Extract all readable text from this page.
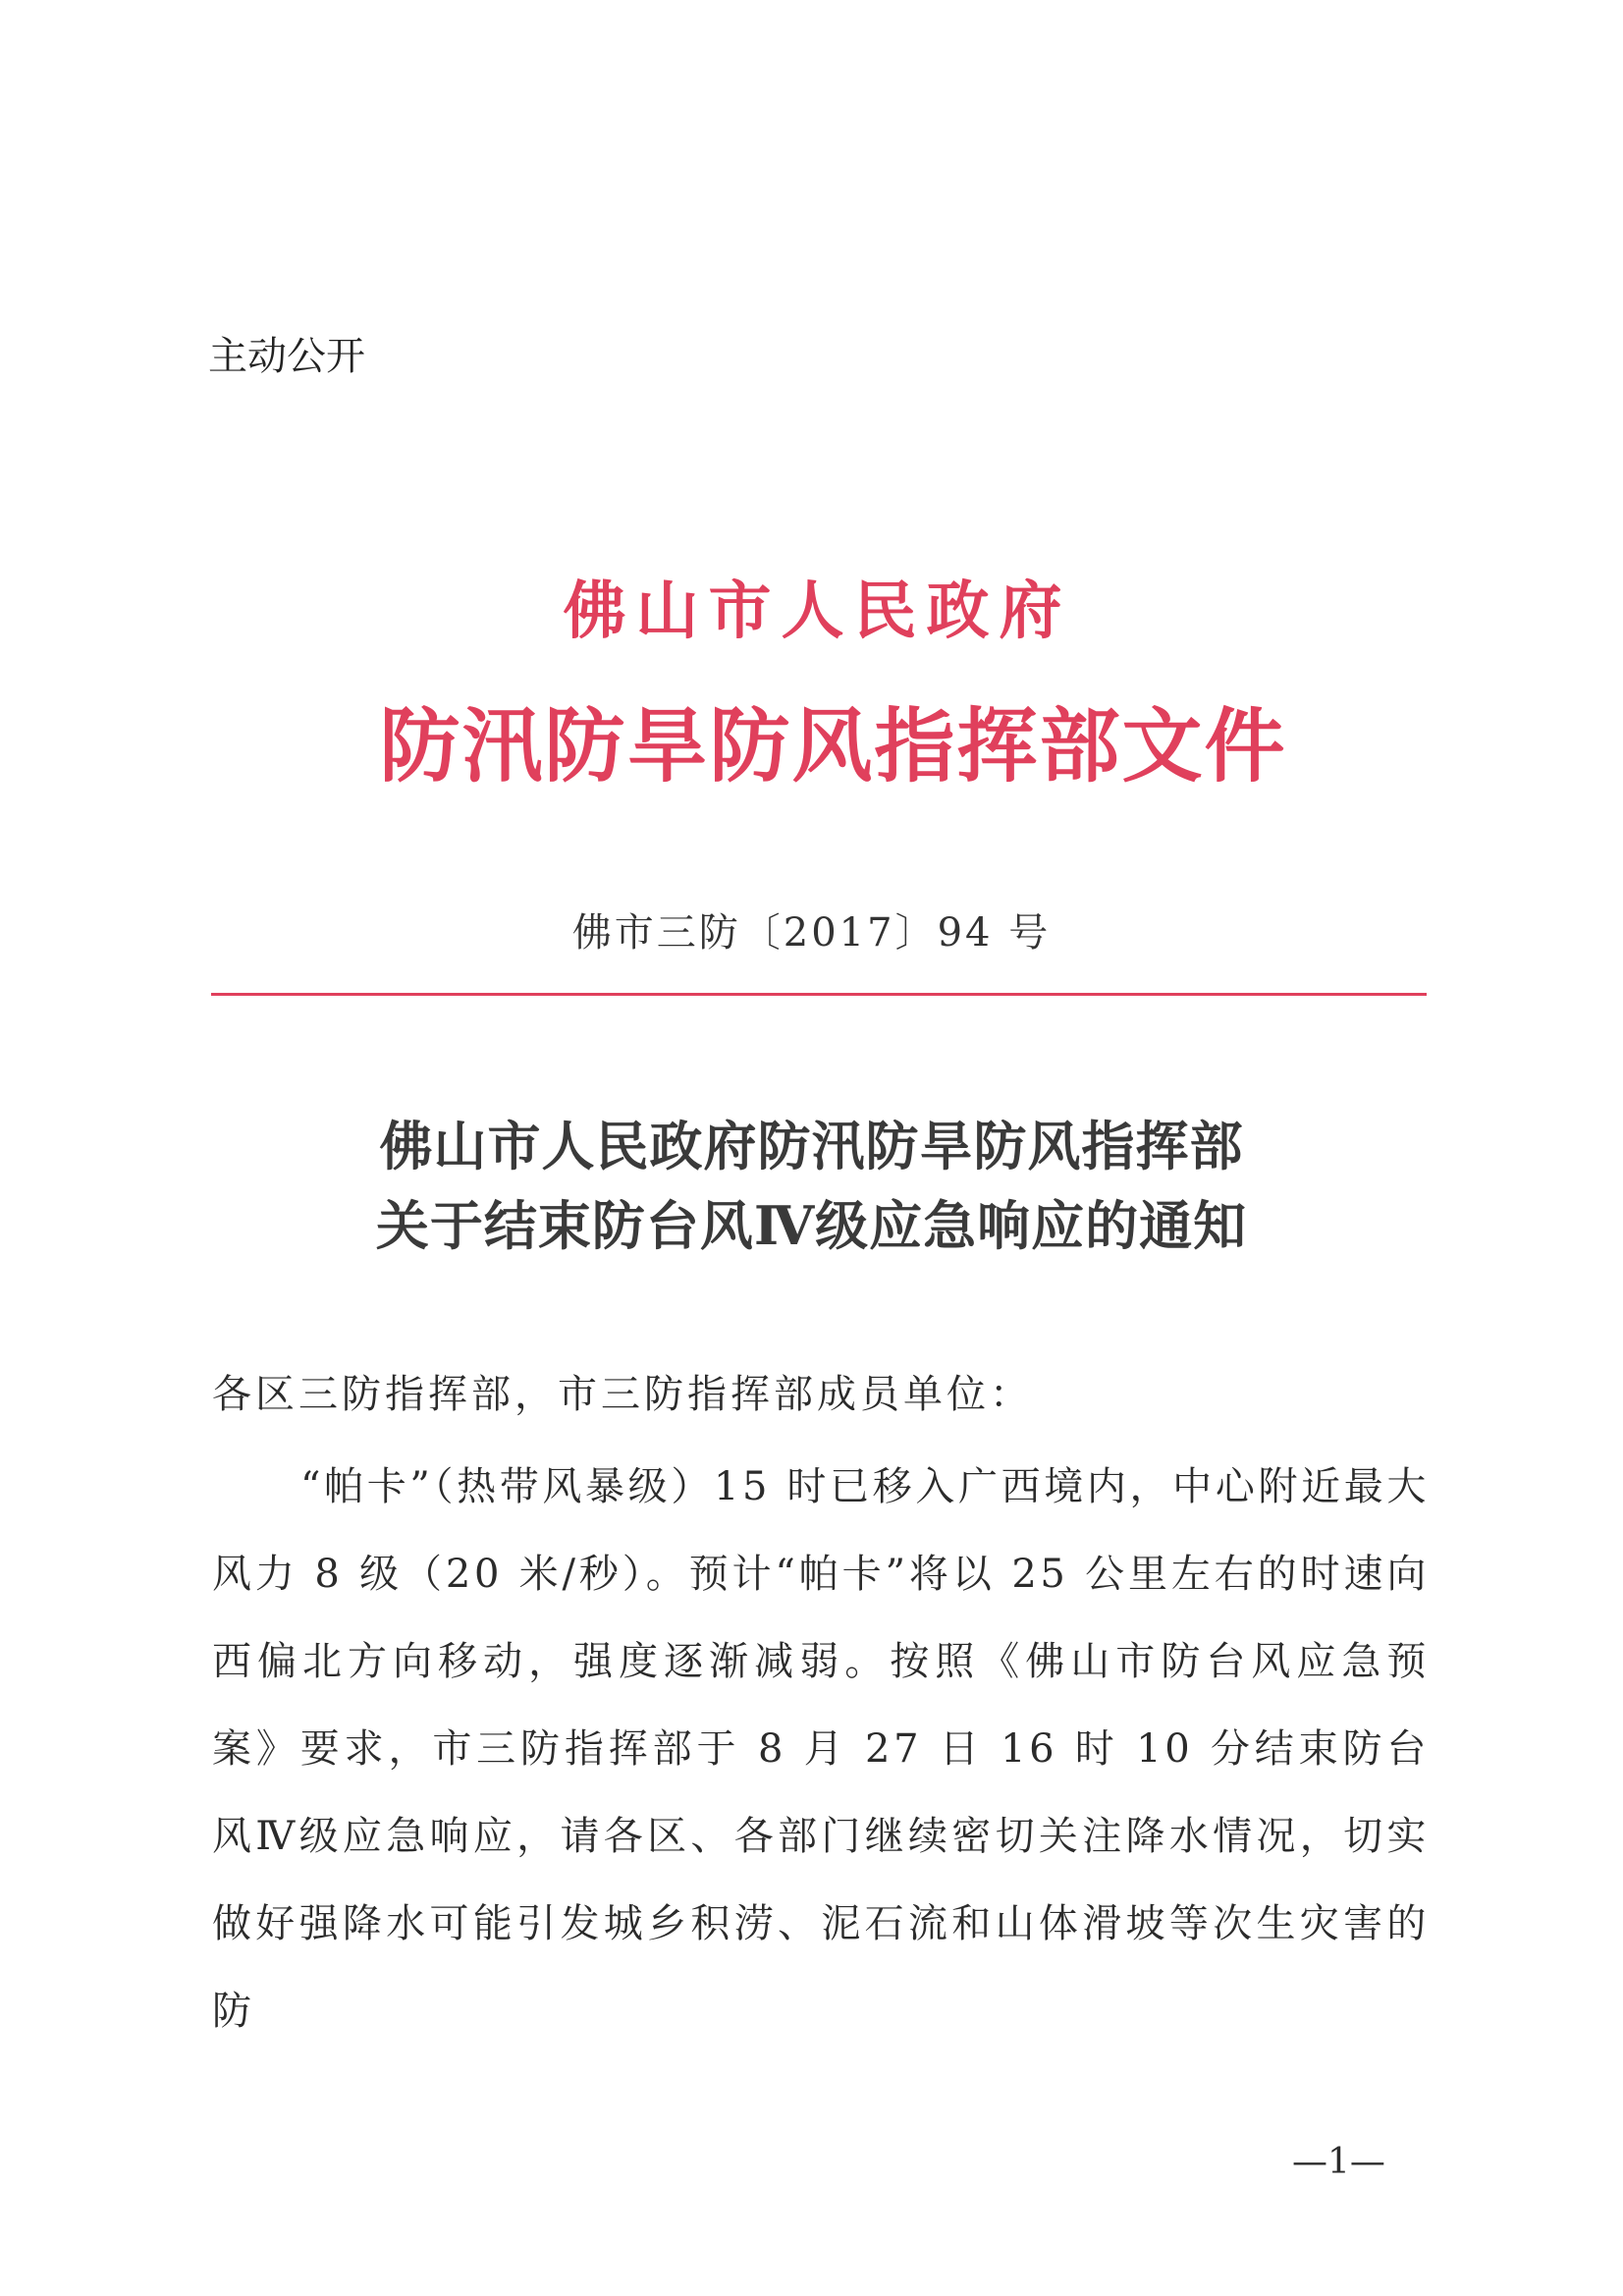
主动公开
佛山市人民政府
防汛防旱防风指挥部文件
佛市三防〔2017〕94 号
佛山市人民政府防汛防旱防风指挥部
关于结束防台风Ⅳ级应急响应的通知
各区三防指挥部，市三防指挥部成员单位：

“帕卡”（热带风暴级）15 时已移入广西境内，中心附近最大风力 8 级（20 米/秒）。预计“帕卡”将以 25 公里左右的时速向西偏北方向移动，强度逐渐减弱。按照《佛山市防台风应急预案》要求，市三防指挥部于 8 月 27 日 16 时 10 分结束防台风Ⅳ级应急响应，请各区、各部门继续密切关注降水情况，切实做好强降水可能引发城乡积涝、泥石流和山体滑坡等次生灾害的防

—1—
